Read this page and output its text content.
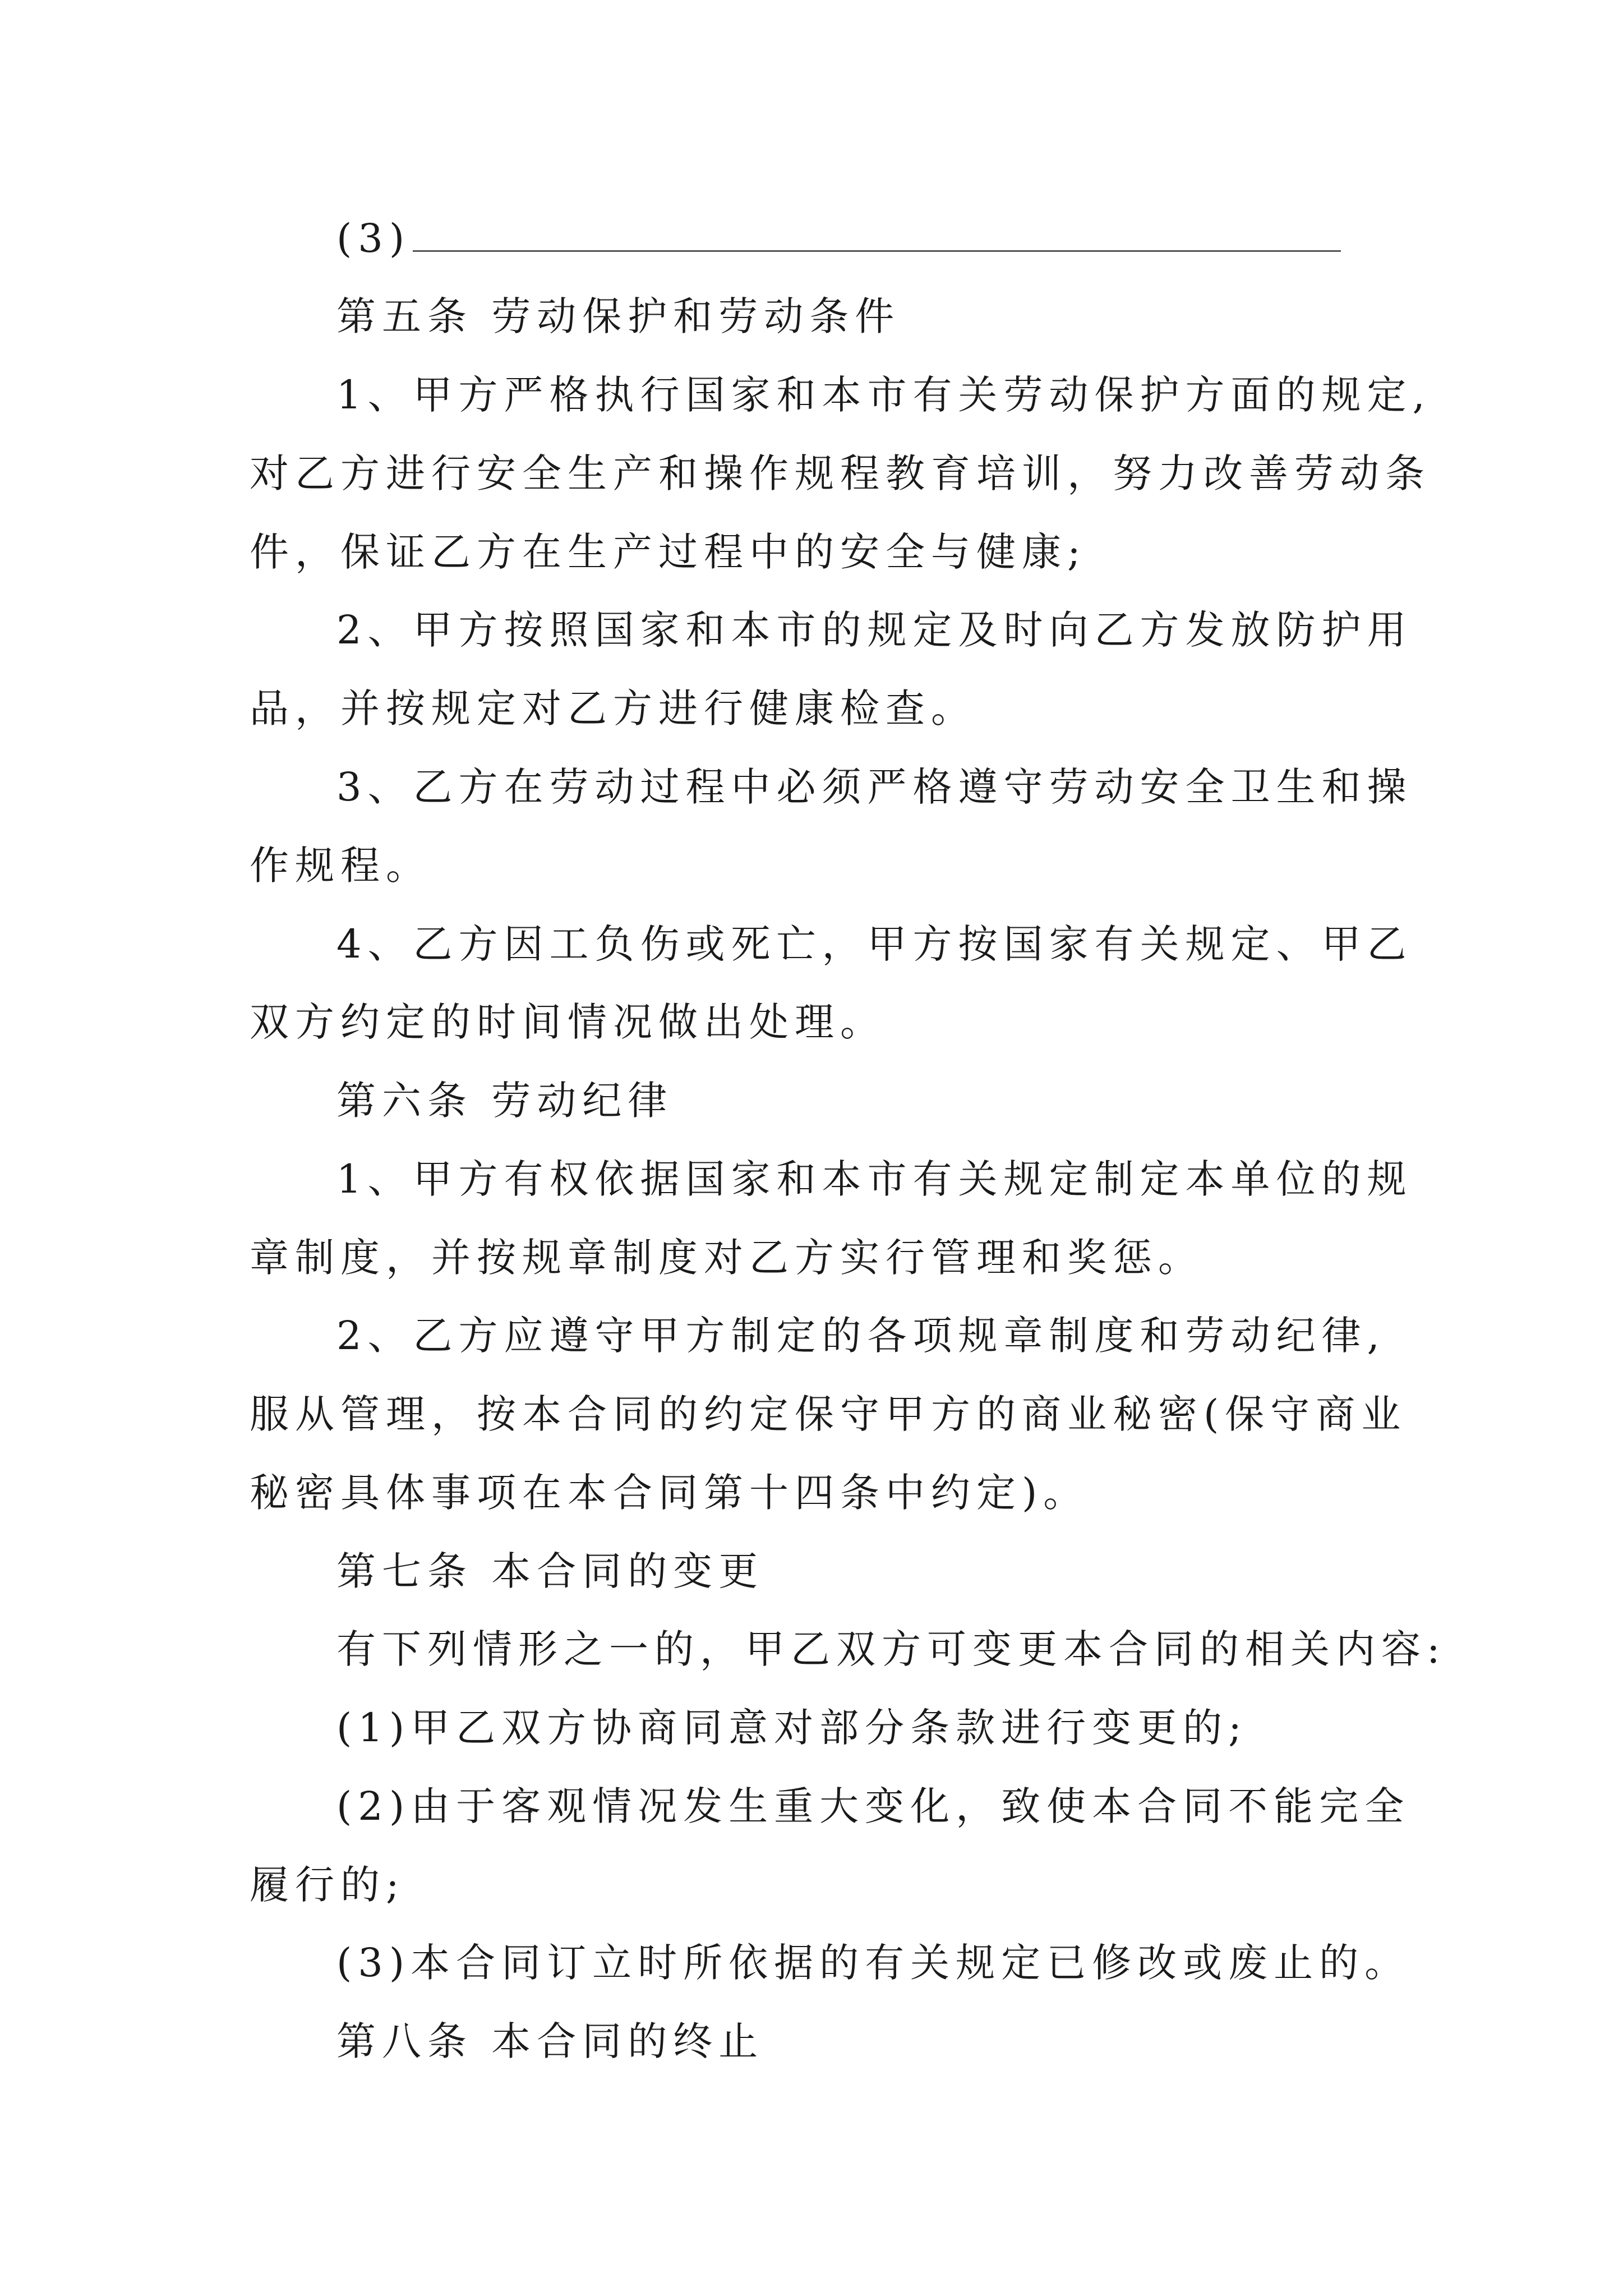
(3)
第五条 劳动保护和劳动条件
1、甲方严格执行国家和本市有关劳动保护方面的规定,
对乙方进行安全生产和操作规程教育培训，努力改善劳动条
件，保证乙方在生产过程中的安全与健康;
2、甲方按照国家和本市的规定及时向乙方发放防护用
品，并按规定对乙方进行健康检查。
3、乙方在劳动过程中必须严格遵守劳动安全卫生和操
作规程。
4、乙方因工负伤或死亡，甲方按国家有关规定、甲乙
双方约定的时间情况做出处理。
第六条 劳动纪律
1、甲方有权依据国家和本市有关规定制定本单位的规
章制度，并按规章制度对乙方实行管理和奖惩。
2、乙方应遵守甲方制定的各项规章制度和劳动纪律,
服从管理，按本合同的约定保守甲方的商业秘密(保守商业
秘密具体事项在本合同第十四条中约定)。
第七条 本合同的变更
有下列情形之一的，甲乙双方可变更本合同的相关内容:
(1)甲乙双方协商同意对部分条款进行变更的;
(2)由于客观情况发生重大变化，致使本合同不能完全
履行的;
(3)本合同订立时所依据的有关规定已修改或废止的。
第八条 本合同的终止
